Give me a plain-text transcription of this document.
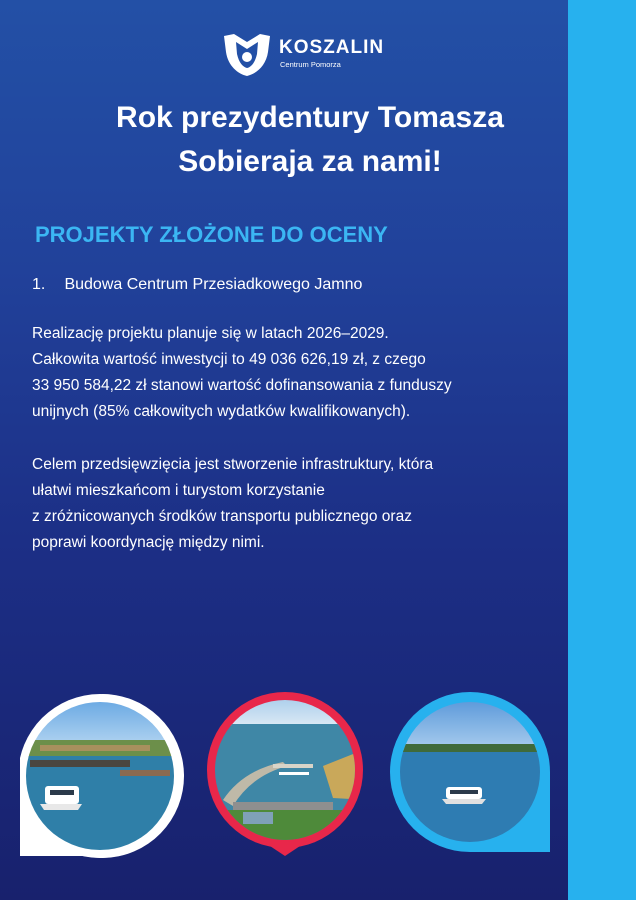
KOSZALIN
Centrum Pomorza
Rok prezydentury Tomasza
Sobieraja za nami!
PROJEKTY ZŁOŻONE DO OCENY
1. Budowa Centrum Przesiadkowego Jamno
Realizację projektu planuje się w latach 2026–2029.
Całkowita wartość inwestycji to 49 036 626,19 zł, z czego
33 950 584,22 zł stanowi wartość dofinansowania z funduszy
unijnych (85% całkowitych wydatków kwalifikowanych).
Celem przedsięwzięcia jest stworzenie infrastruktury, która
ułatwi mieszkańcom i turystom korzystanie
z zróżnicowanych środków transportu publicznego oraz
poprawi koordynację między nimi.
